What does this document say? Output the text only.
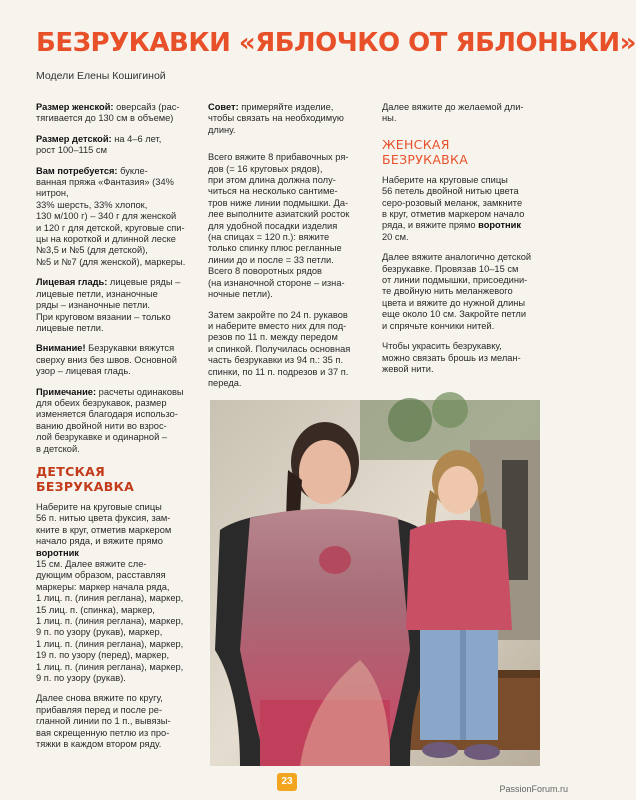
БЕЗРУКАВКИ «ЯБЛОЧКО ОТ ЯБЛОНЬКИ»
Модели Елены Кошигиной

Размер женской: оверсайз (рас-
тягивается до 130 см в объеме)

Размер детской: на 4–6 лет,
рост 100–115 см

Вам потребуется: букле-
ванная пряжа «Фантазия» (34% нитрон,
33% шерсть, 33% хлопок,
130 м/100 г) – 340 г для женской
и 120 г для детской, круговые спи-
цы на короткой и длинной леске
№3,5 и №5 (для детской),
№5 и №7 (для женской), маркеры.

Лицевая гладь: лицевые ряды –
лицевые петли, изнаночные
ряды – изнаночные петли.
При круговом вязании – только
лицевые петли.

Внимание! Безрукавки вяжутся
сверху вниз без швов. Основной
узор – лицевая гладь.

Примечание: расчеты одинаковы
для обеих безрукавок, размер
изменяется благодаря использо-
ванию двойной нити во взрос-
лой безрукавке и одинарной –
в детской.

ДЕТСКАЯ
БЕЗРУКАВКА

Наберите на круговые спицы
56 п. нитью цвета фуксия, зам-
кните в круг, отметив маркером
начало ряда, и вяжите прямо воротник
15 см. Далее вяжите сле-
дующим образом, расставляя
маркеры: маркер начала ряда,
1 лиц. п. (линия реглана), маркер,
15 лиц. п. (спинка), маркер,
1 лиц. п. (линия реглана), маркер,
9 п. по узору (рукав), маркер,
1 лиц. п. (линия реглана), маркер,
19 п. по узору (перед), маркер,
1 лиц. п. (линия реглана), маркер,
9 п. по узору (рукав).

Далее снова вяжите по кругу,
прибавляя перед и после ре-
глaнной линии по 1 п., вывязы-
вая скрещенную петлю из про-
тяжки в каждом втором ряду.

Совет: примеряйте изделие,
чтобы связать на необходимую
длину.

Всего вяжите 8 прибавочных ря-
дов (= 16 круговых рядов),
при этом длина должна полу-
читься на несколько сантиме-
тров ниже линии подмышки. Да-
лее выполните азиатский росток
для удобной посадки изделия
(на спицах = 120 п.): вяжите
только спинку плюс регланные
линии до и после = 33 петли.
Всего 8 поворотных рядов
(на изнаночной стороне – изна-
ночные петли).

Затем закройте по 24 п. рукавов
и наберите вместо них для под-
резов по 11 п. между передом
и спинкой. Получилась основная
часть безрукавки из 94 п.: 35 п.
спинки, по 11 п. подрезов и 37 п.
переда.

Далее вяжите до желаемой дли-
ны.

ЖЕНСКАЯ
БЕЗРУКАВКА

Наберите на круговые спицы
56 петель двойной нитью цвета
серо-розовый меланж, замкните
в круг, отметив маркером начало
ряда, и вяжите прямо воротник
20 см.

Далее вяжите аналогично детской
безрукавке. Провязав 10–15 см
от линии подмышки, присоедини-
те двойную нить меланжевого
цвета и вяжите до нужной длины
еще около 10 см. Закройте петли
и спрячьте кончики нитей.

Чтобы украсить безрукавку,
можно связать брошь из мелан-
жевой нити.

23
PassionForum.ru
